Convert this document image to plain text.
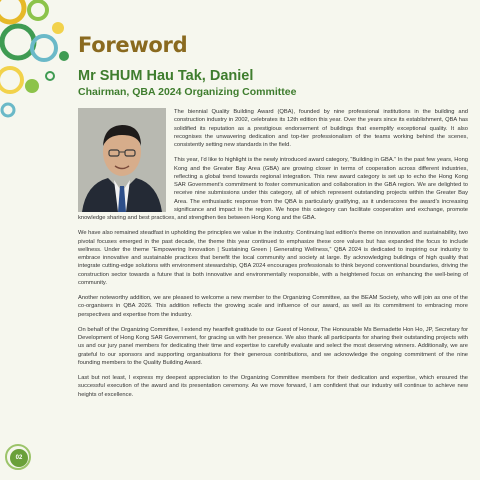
Foreword
Mr SHUM Hau Tak, Daniel
Chairman, QBA 2024 Organizing Committee

The biennial Quality Building Award (QBA), founded by nine professional institutions in the building and construction industry in 2002, celebrates its 12th edition this year. Over the years since its establishment, QBA has solidified its reputation as a prestigious endorsement of buildings that exemplify exceptional quality. It also recognises the unwavering dedication and top-tier professionalism of the teams working behind the scenes, consistently setting new standards in the field.

This year, I’d like to highlight is the newly introduced award category, “Building in GBA.” In the past few years, Hong Kong and the Greater Bay Area (GBA) are growing closer in terms of cooperation across different industries, reflecting a global trend towards regional integration. This new award category is set up to echo the Hong Kong SAR Government’s commitment to foster communication and collaboration in the GBA region. We are delighted to receive nine submissions under this category, all of which represent outstanding projects within the Greater Bay Area. The enthusiastic response from the QBA is particularly gratifying, as it underscores the award’s increasing significance and impact in the region. We hope this category can facilitate cooperation and exchange, promote knowledge sharing and best practices, and strengthen ties between Hong Kong and the GBA.

We have also remained steadfast in upholding the principles we value in the industry. Continuing last edition’s theme on innovation and sustainability, two pivotal focuses emerged in the past decade, the theme this year continued to emphasize these core values but has expanded the focus to include wellness. Under the theme “Empowering Innovation | Sustaining Green | Generating Wellness,” QBA 2024 is dedicated to inspiring our industry to embrace innovative and sustainable practices that benefit the local community and society at large. By acknowledging buildings of high quality that integrate cutting-edge solutions with environment stewardship, QBA 2024 encourages professionals to think beyond conventional boundaries, driving the construction sector towards a future that is both innovative and environmentally responsible, with a heightened focus on enhancing the well-being of community.

Another noteworthy addition, we are pleased to welcome a new member to the Organizing Committee, as the BEAM Society, who will join as one of the co-organisers in QBA 2026. This addition reflects the growing scale and influence of our award, as well as its commitment to embracing more perspectives and expertise from the industry.

On behalf of the Organizing Committee, I extend my heartfelt gratitude to our Guest of Honour, The Honourable Ms Bernadette Hon Ho, JP, Secretary for Development of Hong Kong SAR Government, for gracing us with her presence. We also thank all participants for sharing their outstanding projects with us and our jury panel members for dedicating their time and expertise to carefully evaluate and select the most deserving winners. Additionally, we are grateful to our sponsors and supporting organisations for their generous contributions, and we acknowledge the ongoing commitment of the nine founding members to the Quality Building Award.

Last but not least, I express my deepest appreciation to the Organizing Committee members for their dedication and expertise, which ensured the successful execution of the award and its presentation ceremony. As we move forward, I am confident that our industry will continue to achieve new heights of excellence.

02
